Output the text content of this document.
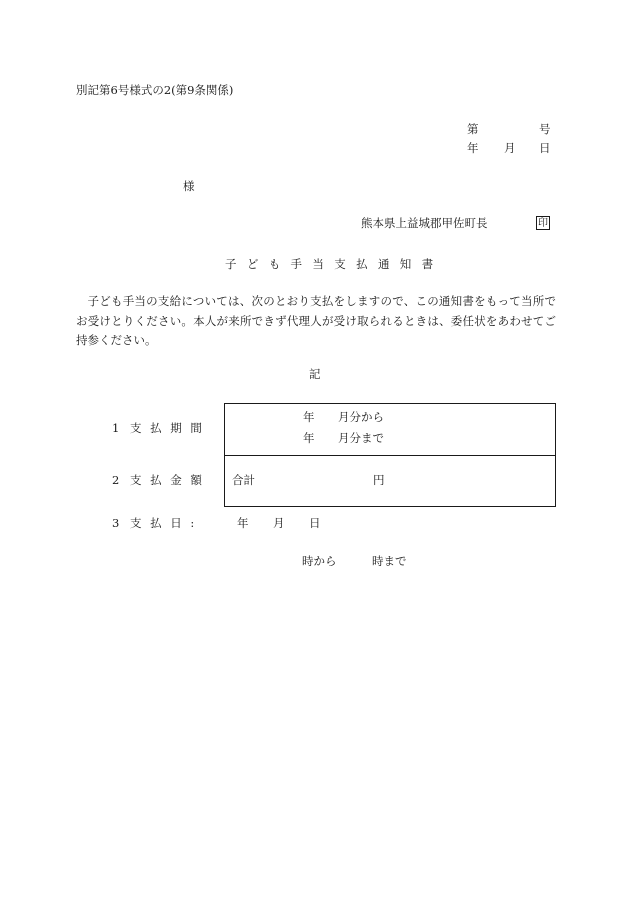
別記第6号様式の2(第9条関係)
第	号
年 月 日
様
熊本県上益城郡甲佐町長	印
子ども手当支払通知書
子ども手当の支給については、次のとおり支払をしますので、この通知書をもって当所でお受けとりください。本人が来所できず代理人が受け取られるときは、委任状をあわせてご持参ください。
記
1 支払期間
年 月分から
年 月分まで
2 支払金額 合計	円
3 支払日:	年 月 日
時から	時まで
